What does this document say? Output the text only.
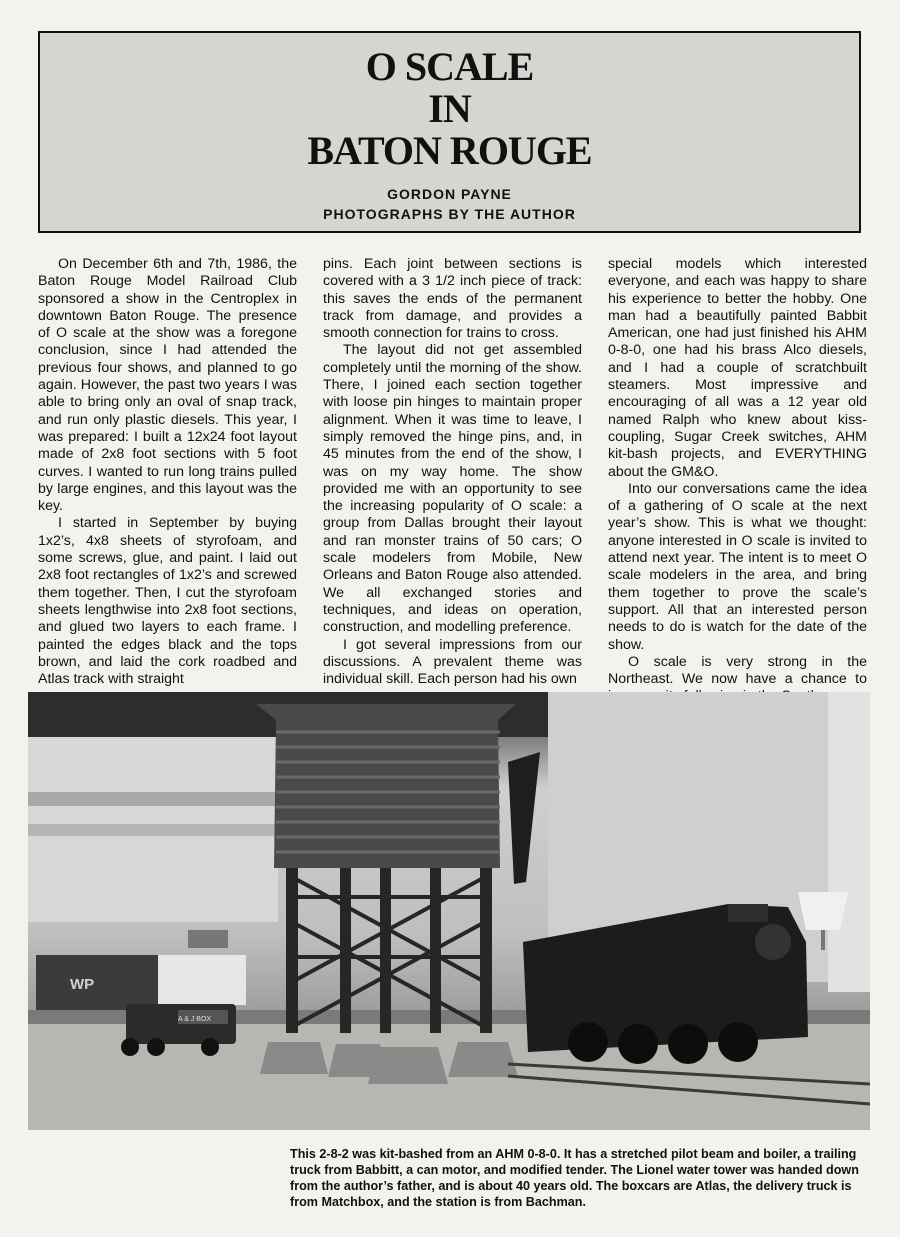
O SCALE
IN
BATON ROUGE
GORDON PAYNE
PHOTOGRAPHS BY THE AUTHOR

On December 6th and 7th, 1986, the Baton Rouge Model Railroad Club sponsored a show in the Centroplex in downtown Baton Rouge. The presence of O scale at the show was a foregone conclusion, since I had attended the previous four shows, and planned to go again. However, the past two years I was able to bring only an oval of snap track, and run only plastic diesels. This year, I was prepared: I built a 12x24 foot layout made of 2x8 foot sections with 5 foot curves. I wanted to run long trains pulled by large engines, and this layout was the key.

I started in September by buying 1x2’s, 4x8 sheets of styrofoam, and some screws, glue, and paint. I laid out 2x8 foot rectangles of 1x2’s and screwed them together. Then, I cut the styrofoam sheets lengthwise into 2x8 foot sections, and glued two layers to each frame. I painted the edges black and the tops brown, and laid the cork roadbed and Atlas track with straight

pins. Each joint between sections is covered with a 3 1/2 inch piece of track: this saves the ends of the permanent track from damage, and provides a smooth connection for trains to cross.

The layout did not get assembled completely until the morning of the show. There, I joined each section together with loose pin hinges to maintain proper alignment. When it was time to leave, I simply removed the hinge pins, and, in 45 minutes from the end of the show, I was on my way home. The show provided me with an opportunity to see the increasing popularity of O scale: a group from Dallas brought their layout and ran monster trains of 50 cars; O scale modelers from Mobile, New Orleans and Baton Rouge also attended. We all exchanged stories and techniques, and ideas on operation, construction, and modelling preference.

I got several impressions from our discussions. A prevalent theme was individual skill. Each person had his own

special models which interested everyone, and each was happy to share his experience to better the hobby. One man had a beautifully painted Babbit American, one had just finished his AHM 0-8-0, one had his brass Alco diesels, and I had a couple of scratchbuilt steamers. Most impressive and encouraging of all was a 12 year old named Ralph who knew about kiss-coupling, Sugar Creek switches, AHM kit-bash projects, and EVERYTHING about the GM&O.

Into our conversations came the idea of a gathering of O scale at the next year’s show. This is what we thought: anyone interested in O scale is invited to attend next year. The intent is to meet O scale modelers in the area, and bring them together to prove the scale’s support. All that an interested person needs to do is watch for the date of the show.

O scale is very strong in the Northeast. We now have a chance to

WP
A & J BOX
This 2-8-2 was kit-bashed from an AHM 0-8-0. It has a stretched pilot beam and boiler, a trailing truck from Babbitt, a can motor, and modified tender. The Lionel water tower was handed down from the author’s father, and is about 40 years old. The boxcars are Atlas, the delivery truck is from Matchbox, and the station is from Bachman.
